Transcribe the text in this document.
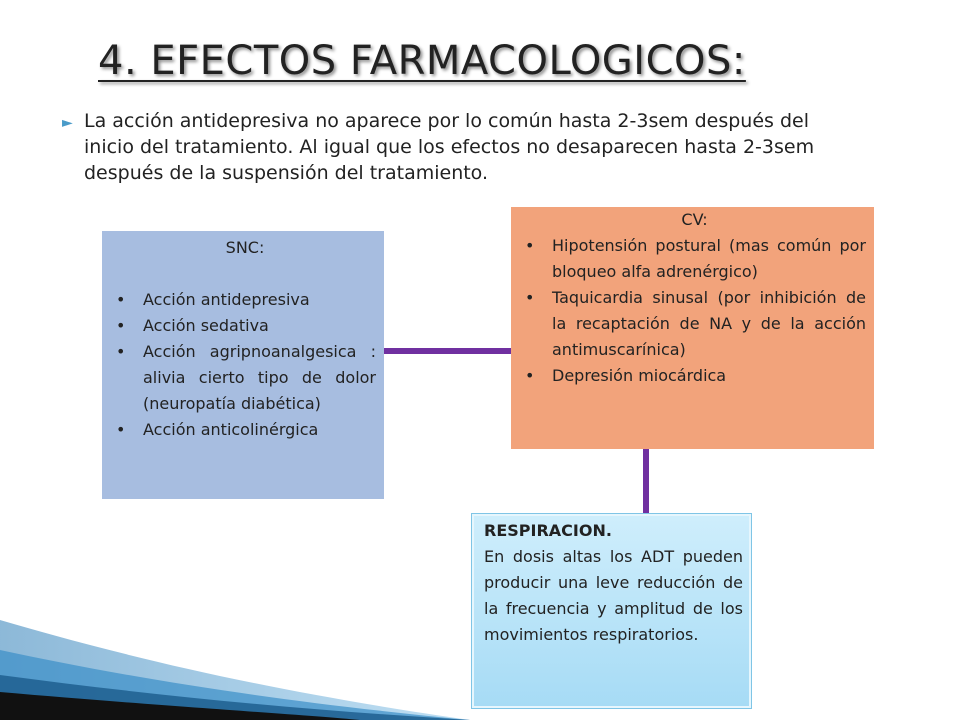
4. EFECTOS FARMACOLOGICOS:
► La acción antidepresiva no aparece por lo común hasta 2-3sem después del inicio del tratamiento. Al igual que los efectos no desaparecen hasta 2-3sem después de la suspensión del tratamiento.
SNC:
• Acción antidepresiva
• Acción sedativa
• Acción agripnoanalgesica : alivia cierto tipo de dolor (neuropatía diabética)
• Acción anticolinérgica
CV:
• Hipotensión postural (mas común por bloqueo alfa adrenérgico)
• Taquicardia sinusal (por inhibición de la recaptación de NA y de la acción antimuscarínica)
• Depresión miocárdica
RESPIRACION.
En dosis altas los ADT pueden producir una leve reducción de la frecuencia y amplitud de los movimientos respiratorios.
